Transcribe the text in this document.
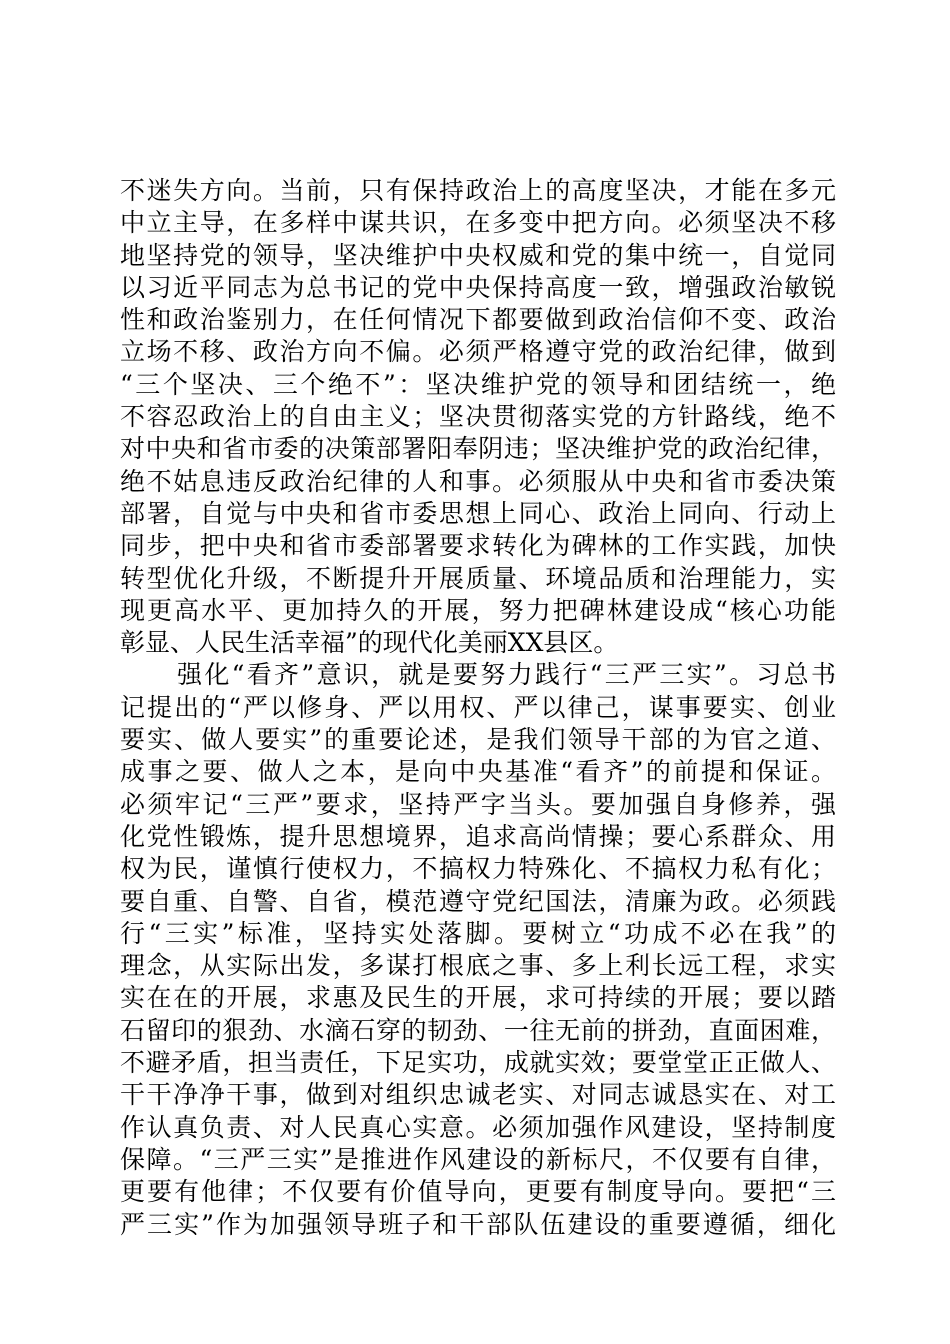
不迷失方向。当前，只有保持政治上的高度坚决，才能在多元
中立主导，在多样中谋共识，在多变中把方向。必须坚决不移
地坚持党的领导，坚决维护中央权威和党的集中统一，自觉同
以习近平同志为总书记的党中央保持高度一致，增强政治敏锐
性和政治鉴别力，在任何情况下都要做到政治信仰不变、政治
立场不移、政治方向不偏。必须严格遵守党的政治纪律，做到
“三个坚决、三个绝不”：坚决维护党的领导和团结统一，绝
不容忍政治上的自由主义；坚决贯彻落实党的方针路线，绝不
对中央和省市委的决策部署阳奉阴违；坚决维护党的政治纪律，
绝不姑息违反政治纪律的人和事。必须服从中央和省市委决策
部署，自觉与中央和省市委思想上同心、政治上同向、行动上
同步，把中央和省市委部署要求转化为碑林的工作实践，加快
转型优化升级，不断提升开展质量、环境品质和治理能力，实
现更高水平、更加持久的开展，努力把碑林建设成“核心功能
彰显、人民生活幸福”的现代化美丽XX县区。
强化“看齐”意识，就是要努力践行“三严三实”。习总书
记提出的“严以修身、严以用权、严以律己，谋事要实、创业
要实、做人要实”的重要论述，是我们领导干部的为官之道、
成事之要、做人之本，是向中央基准“看齐”的前提和保证。
必须牢记“三严”要求，坚持严字当头。要加强自身修养，强
化党性锻炼，提升思想境界，追求高尚情操；要心系群众、用
权为民，谨慎行使权力，不搞权力特殊化、不搞权力私有化；
要自重、自警、自省，模范遵守党纪国法，清廉为政。必须践
行“三实”标准，坚持实处落脚。要树立“功成不必在我”的
理念，从实际出发，多谋打根底之事、多上利长远工程，求实
实在在的开展，求惠及民生的开展，求可持续的开展；要以踏
石留印的狠劲、水滴石穿的韧劲、一往无前的拼劲，直面困难，
不避矛盾，担当责任，下足实功，成就实效；要堂堂正正做人、
干干净净干事，做到对组织忠诚老实、对同志诚恳实在、对工
作认真负责、对人民真心实意。必须加强作风建设，坚持制度
保障。“三严三实”是推进作风建设的新标尺，不仅要有自律，
更要有他律；不仅要有价值导向，更要有制度导向。要把“三
严三实”作为加强领导班子和干部队伍建设的重要遵循，细化
